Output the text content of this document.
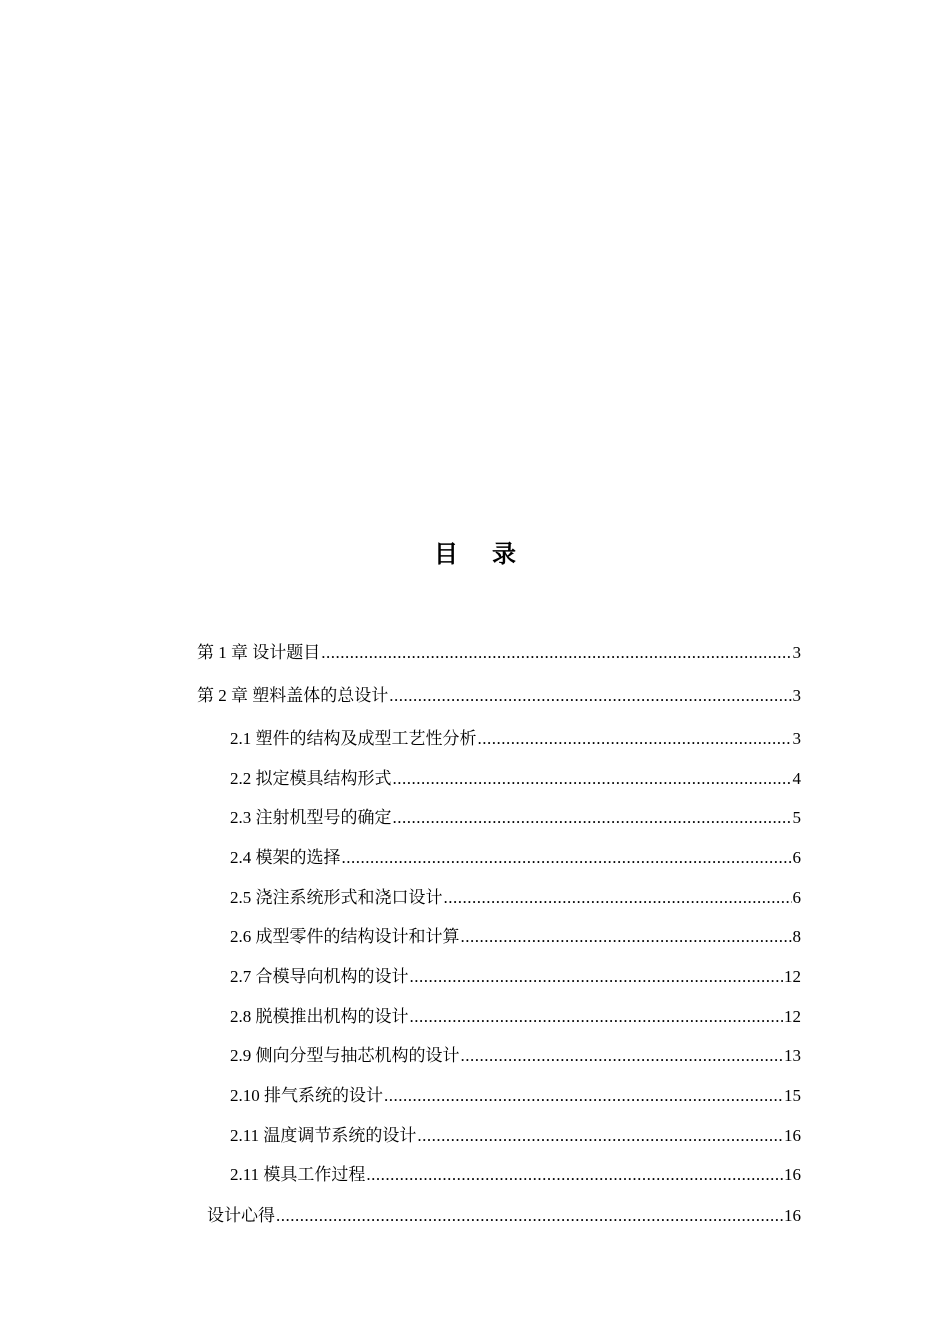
目 录
第 1 章 设计题目 .....	3
第 2 章 塑料盖体的总设计 .....	3
2.1 塑件的结构及成型工艺性分析 .....	3
2.2 拟定模具结构形式 .....	4
2.3 注射机型号的确定 .....	5
2.4 模架的选择 .....	6
2.5 浇注系统形式和浇口设计 .....	6
2.6 成型零件的结构设计和计算 .....	8
2.7 合模导向机构的设计 .....	12
2.8 脱模推出机构的设计 .....	12
2.9 侧向分型与抽芯机构的设计 .....	13
2.10 排气系统的设计 .....	15
2.11 温度调节系统的设计 .....	16
2.11 模具工作过程 .....	16
设计心得 .....	16
